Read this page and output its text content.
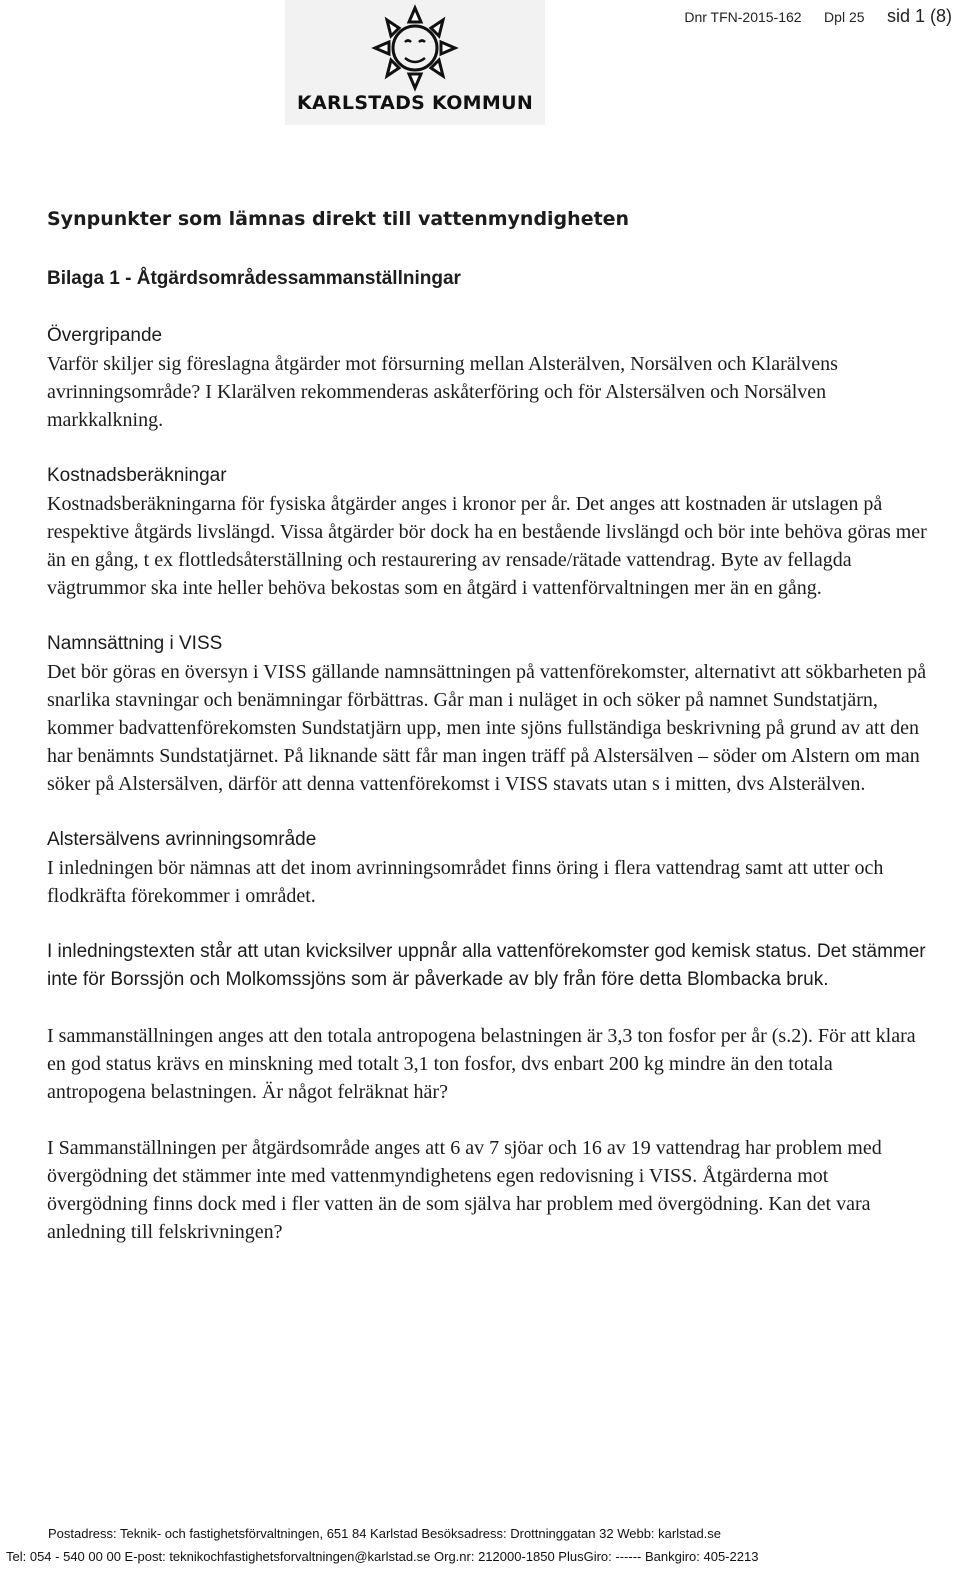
Dnr TFN-2015-162 Dpl 25 sid 1 (8)
KARLSTADS KOMMUN
Synpunkter som lämnas direkt till vattenmyndigheten
Bilaga 1 - Åtgärdsområdessammanställningar
Övergripande

Varför skiljer sig föreslagna åtgärder mot försurning mellan Alsterälven, Norsälven och Klarälvens avrinningsområde? I Klarälven rekommenderas askåterföring och för Alstersälven och Norsälven markkalkning.

Kostnadsberäkningar

Kostnadsberäkningarna för fysiska åtgärder anges i kronor per år. Det anges att kostnaden är utslagen på respektive åtgärds livslängd. Vissa åtgärder bör dock ha en bestående livslängd och bör inte behöva göras mer än en gång, t ex flottledsåterställning och restaurering av rensade/rätade vattendrag. Byte av fellagda vägtrummor ska inte heller behöva bekostas som en åtgärd i vattenförvaltningen mer än en gång.

Namnsättning i VISS

Det bör göras en översyn i VISS gällande namnsättningen på vattenförekomster, alternativt att sökbarheten på snarlika stavningar och benämningar förbättras. Går man i nuläget in och söker på namnet Sundstatjärn, kommer badvattenförekomsten Sundstatjärn upp, men inte sjöns fullständiga beskrivning på grund av att den har benämnts Sundstatjärnet. På liknande sätt får man ingen träff på Alstersälven – söder om Alstern om man söker på Alstersälven, därför att denna vattenförekomst i VISS stavats utan s i mitten, dvs Alsterälven.

Alstersälvens avrinningsområde

I inledningen bör nämnas att det inom avrinningsområdet finns öring i flera vattendrag samt att utter och flodkräfta förekommer i området.

I inledningstexten står att utan kvicksilver uppnår alla vattenförekomster god kemisk status. Det stämmer inte för Borssjön och Molkomssjöns som är påverkade av bly från före detta Blombacka bruk.

I sammanställningen anges att den totala antropogena belastningen är 3,3 ton fosfor per år (s.2). För att klara en god status krävs en minskning med totalt 3,1 ton fosfor, dvs enbart 200 kg mindre än den totala antropogena belastningen. Är något felräknat här?

I Sammanställningen per åtgärdsområde anges att 6 av 7 sjöar och 16 av 19 vattendrag har problem med övergödning det stämmer inte med vattenmyndighetens egen redovisning i VISS. Åtgärderna mot övergödning finns dock med i fler vatten än de som själva har problem med övergödning. Kan det vara anledning till felskrivningen?

Postadress: Teknik- och fastighetsförvaltningen, 651 84 Karlstad Besöksadress: Drottninggatan 32 Webb: karlstad.se
Tel: 054 - 540 00 00 E-post: teknikochfastighetsforvaltningen@karlstad.se Org.nr: 212000-1850 PlusGiro: ------ Bankgiro: 405-2213
